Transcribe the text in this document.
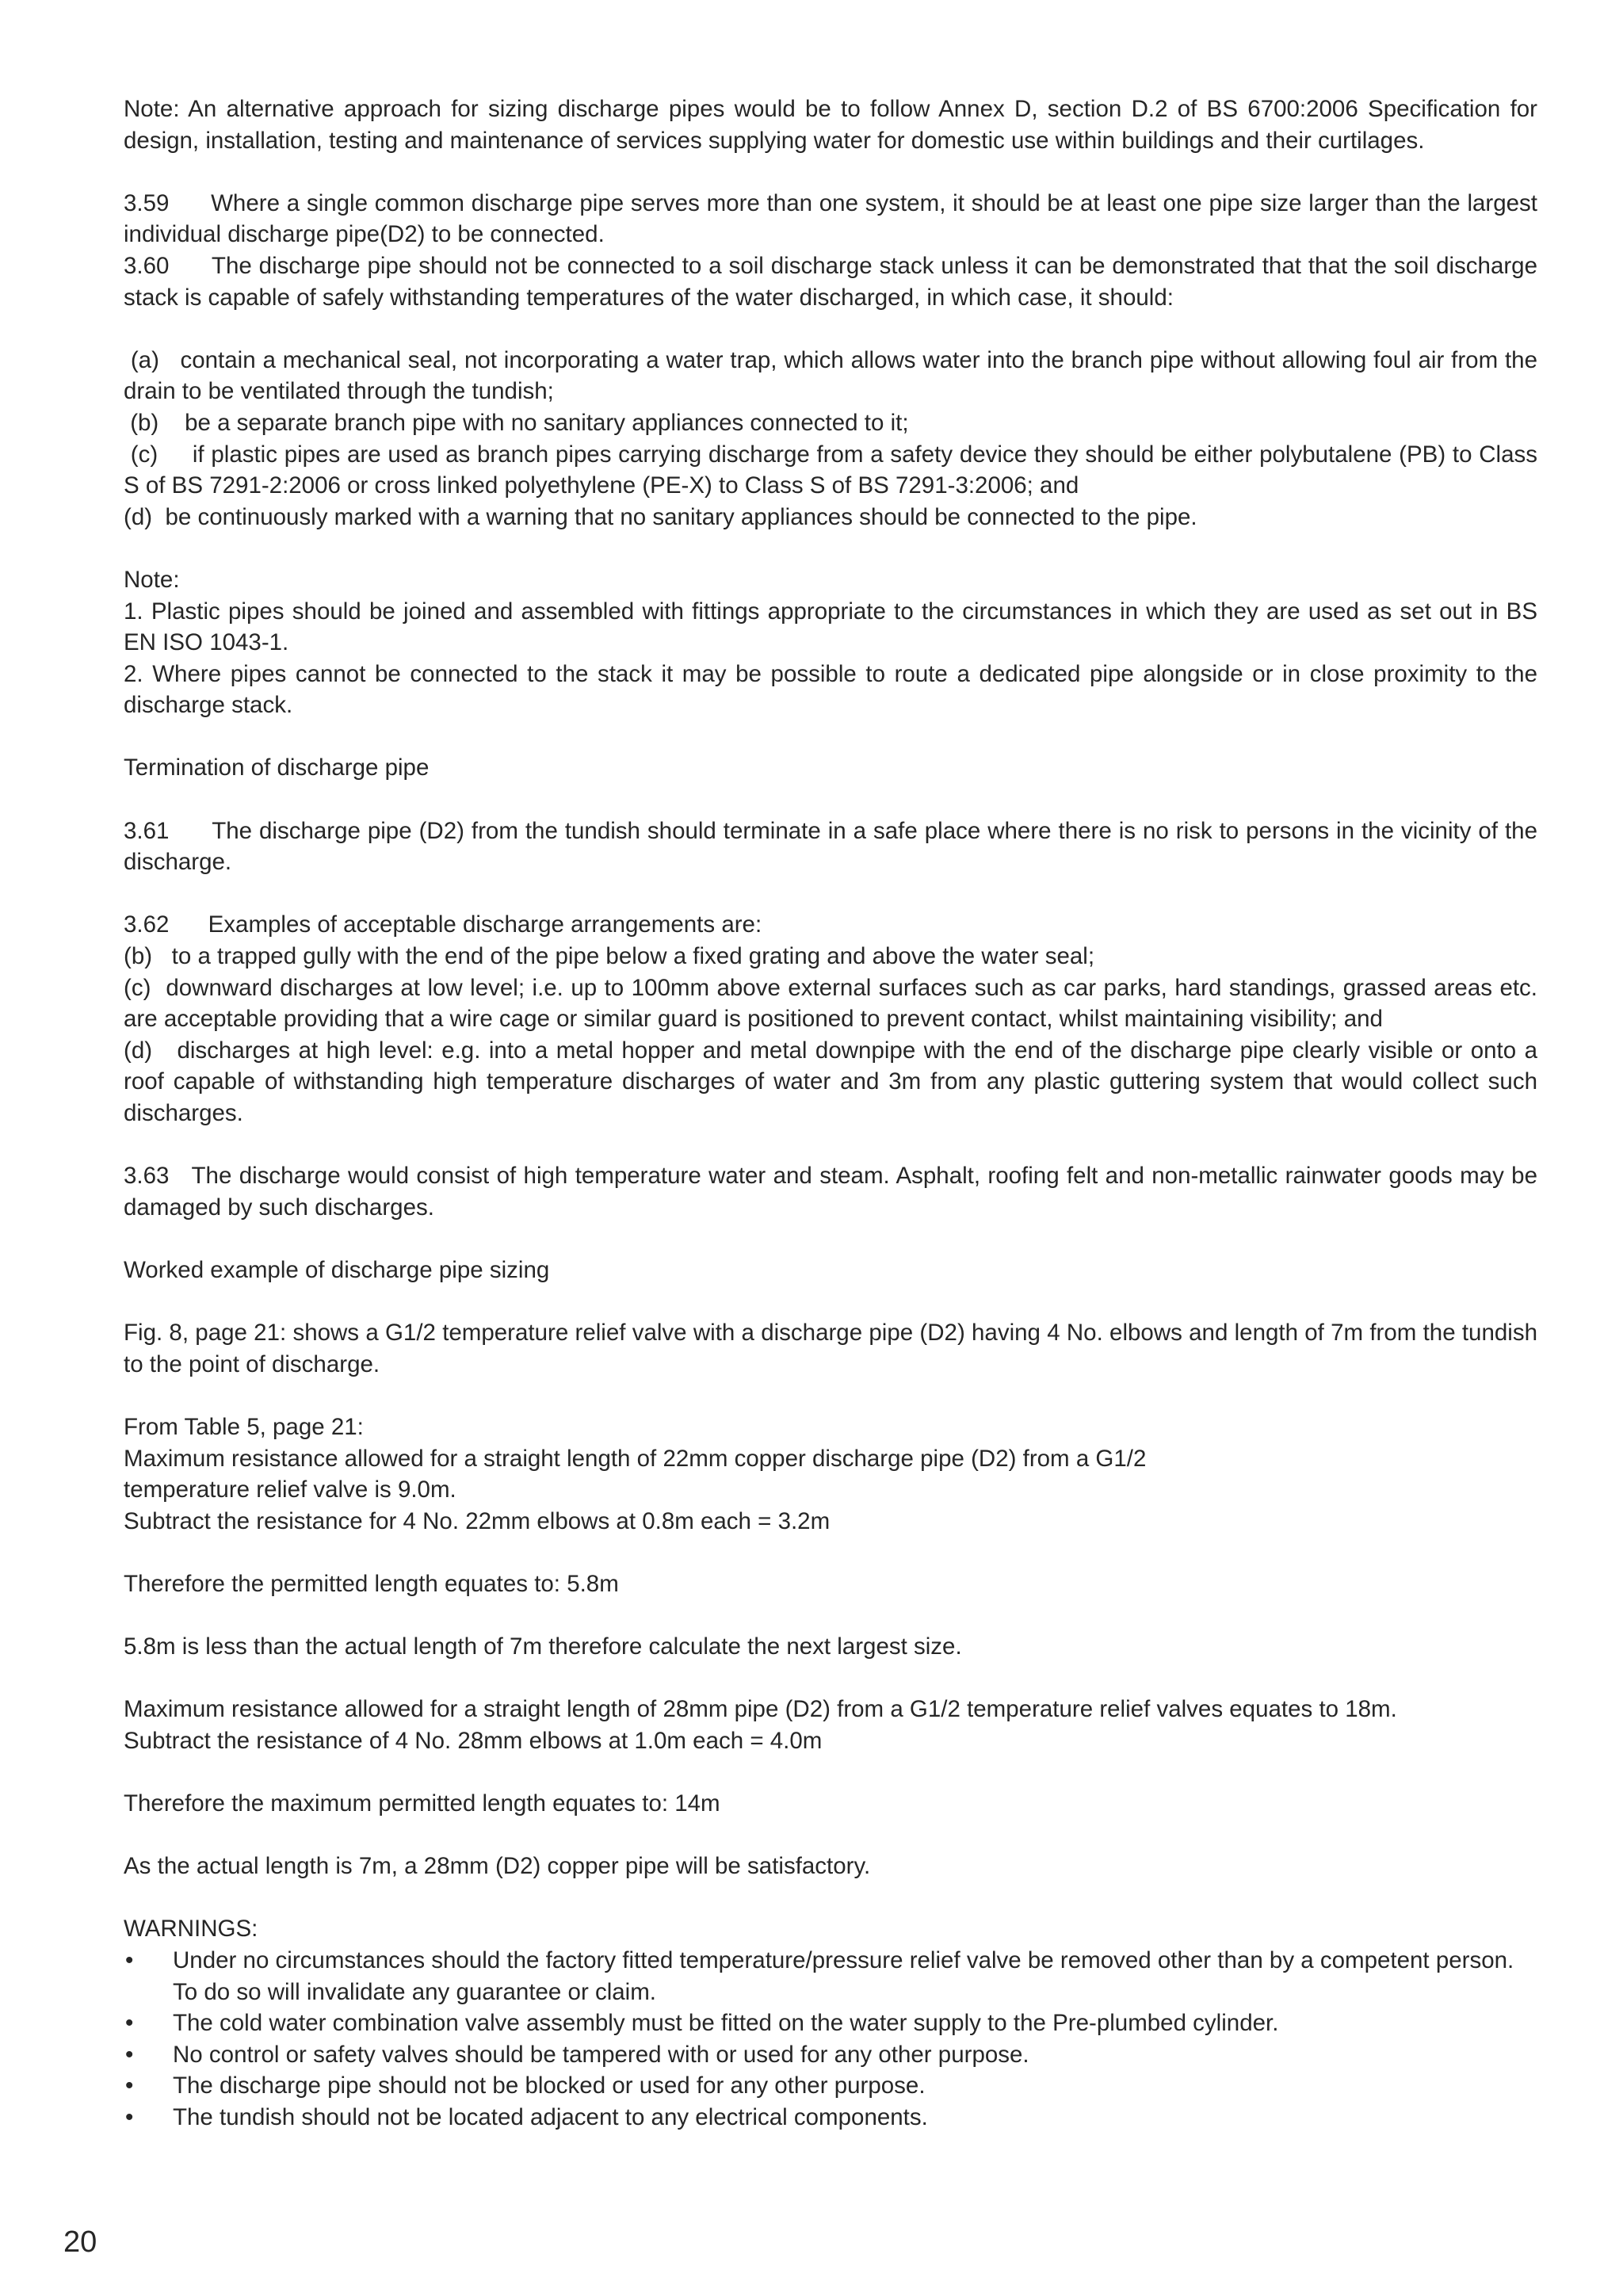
Note: An alternative approach for sizing discharge pipes would be to follow Annex D, section D.2 of BS 6700:2006 Specification for design, installation, testing and maintenance of services supplying water for domestic use within buildings and their curtilages.

3.59 Where a single common discharge pipe serves more than one system, it should be at least one pipe size larger than the largest individual discharge pipe(D2) to be connected.

3.60 The discharge pipe should not be connected to a soil discharge stack unless it can be demonstrated that that the soil discharge stack is capable of safely withstanding temperatures of the water discharged, in which case, it should:

(a) contain a mechanical seal, not incorporating a water trap, which allows water into the branch pipe without allowing foul air from the drain to be ventilated through the tundish;

(b) be a separate branch pipe with no sanitary appliances connected to it;

(c) if plastic pipes are used as branch pipes carrying discharge from a safety device they should be either polybutalene (PB) to Class S of BS 7291-2:2006 or cross linked polyethylene (PE-X) to Class S of BS 7291-3:2006; and

(d) be continuously marked with a warning that no sanitary appliances should be connected to the pipe.

Note:

1. Plastic pipes should be joined and assembled with fittings appropriate to the circumstances in which they are used as set out in BS EN ISO 1043-1.

2. Where pipes cannot be connected to the stack it may be possible to route a dedicated pipe alongside or in close proximity to the discharge stack.

Termination of discharge pipe

3.61 The discharge pipe (D2) from the tundish should terminate in a safe place where there is no risk to persons in the vicinity of the discharge.

3.62 Examples of acceptable discharge arrangements are:

(b) to a trapped gully with the end of the pipe below a fixed grating and above the water seal;

(c) downward discharges at low level; i.e. up to 100mm above external surfaces such as car parks, hard standings, grassed areas etc. are acceptable providing that a wire cage or similar guard is positioned to prevent contact, whilst maintaining visibility; and

(d) discharges at high level: e.g. into a metal hopper and metal downpipe with the end of the discharge pipe clearly visible or onto a roof capable of withstanding high temperature discharges of water and 3m from any plastic guttering system that would collect such discharges.

3.63 The discharge would consist of high temperature water and steam. Asphalt, roofing felt and non-metallic rainwater goods may be damaged by such discharges.

Worked example of discharge pipe sizing

Fig. 8, page 21: shows a G1/2 temperature relief valve with a discharge pipe (D2) having 4 No. elbows and length of 7m from the tundish to the point of discharge.

From Table 5, page 21:

Maximum resistance allowed for a straight length of 22mm copper discharge pipe (D2) from a G1/2

temperature relief valve is 9.0m.

Subtract the resistance for 4 No. 22mm elbows at 0.8m each = 3.2m

Therefore the permitted length equates to: 5.8m

5.8m is less than the actual length of 7m therefore calculate the next largest size.

Maximum resistance allowed for a straight length of 28mm pipe (D2) from a G1/2 temperature relief valves equates to 18m.

Subtract the resistance of 4 No. 28mm elbows at 1.0m each = 4.0m

Therefore the maximum permitted length equates to: 14m

As the actual length is 7m, a 28mm (D2) copper pipe will be satisfactory.

WARNINGS:

• Under no circumstances should the factory fitted temperature/pressure relief valve be removed other than by a competent person. To do so will invalidate any guarantee or claim.
• The cold water combination valve assembly must be fitted on the water supply to the Pre-plumbed cylinder.
• No control or safety valves should be tampered with or used for any other purpose.
• The discharge pipe should not be blocked or used for any other purpose.
• The tundish should not be located adjacent to any electrical components.
20
